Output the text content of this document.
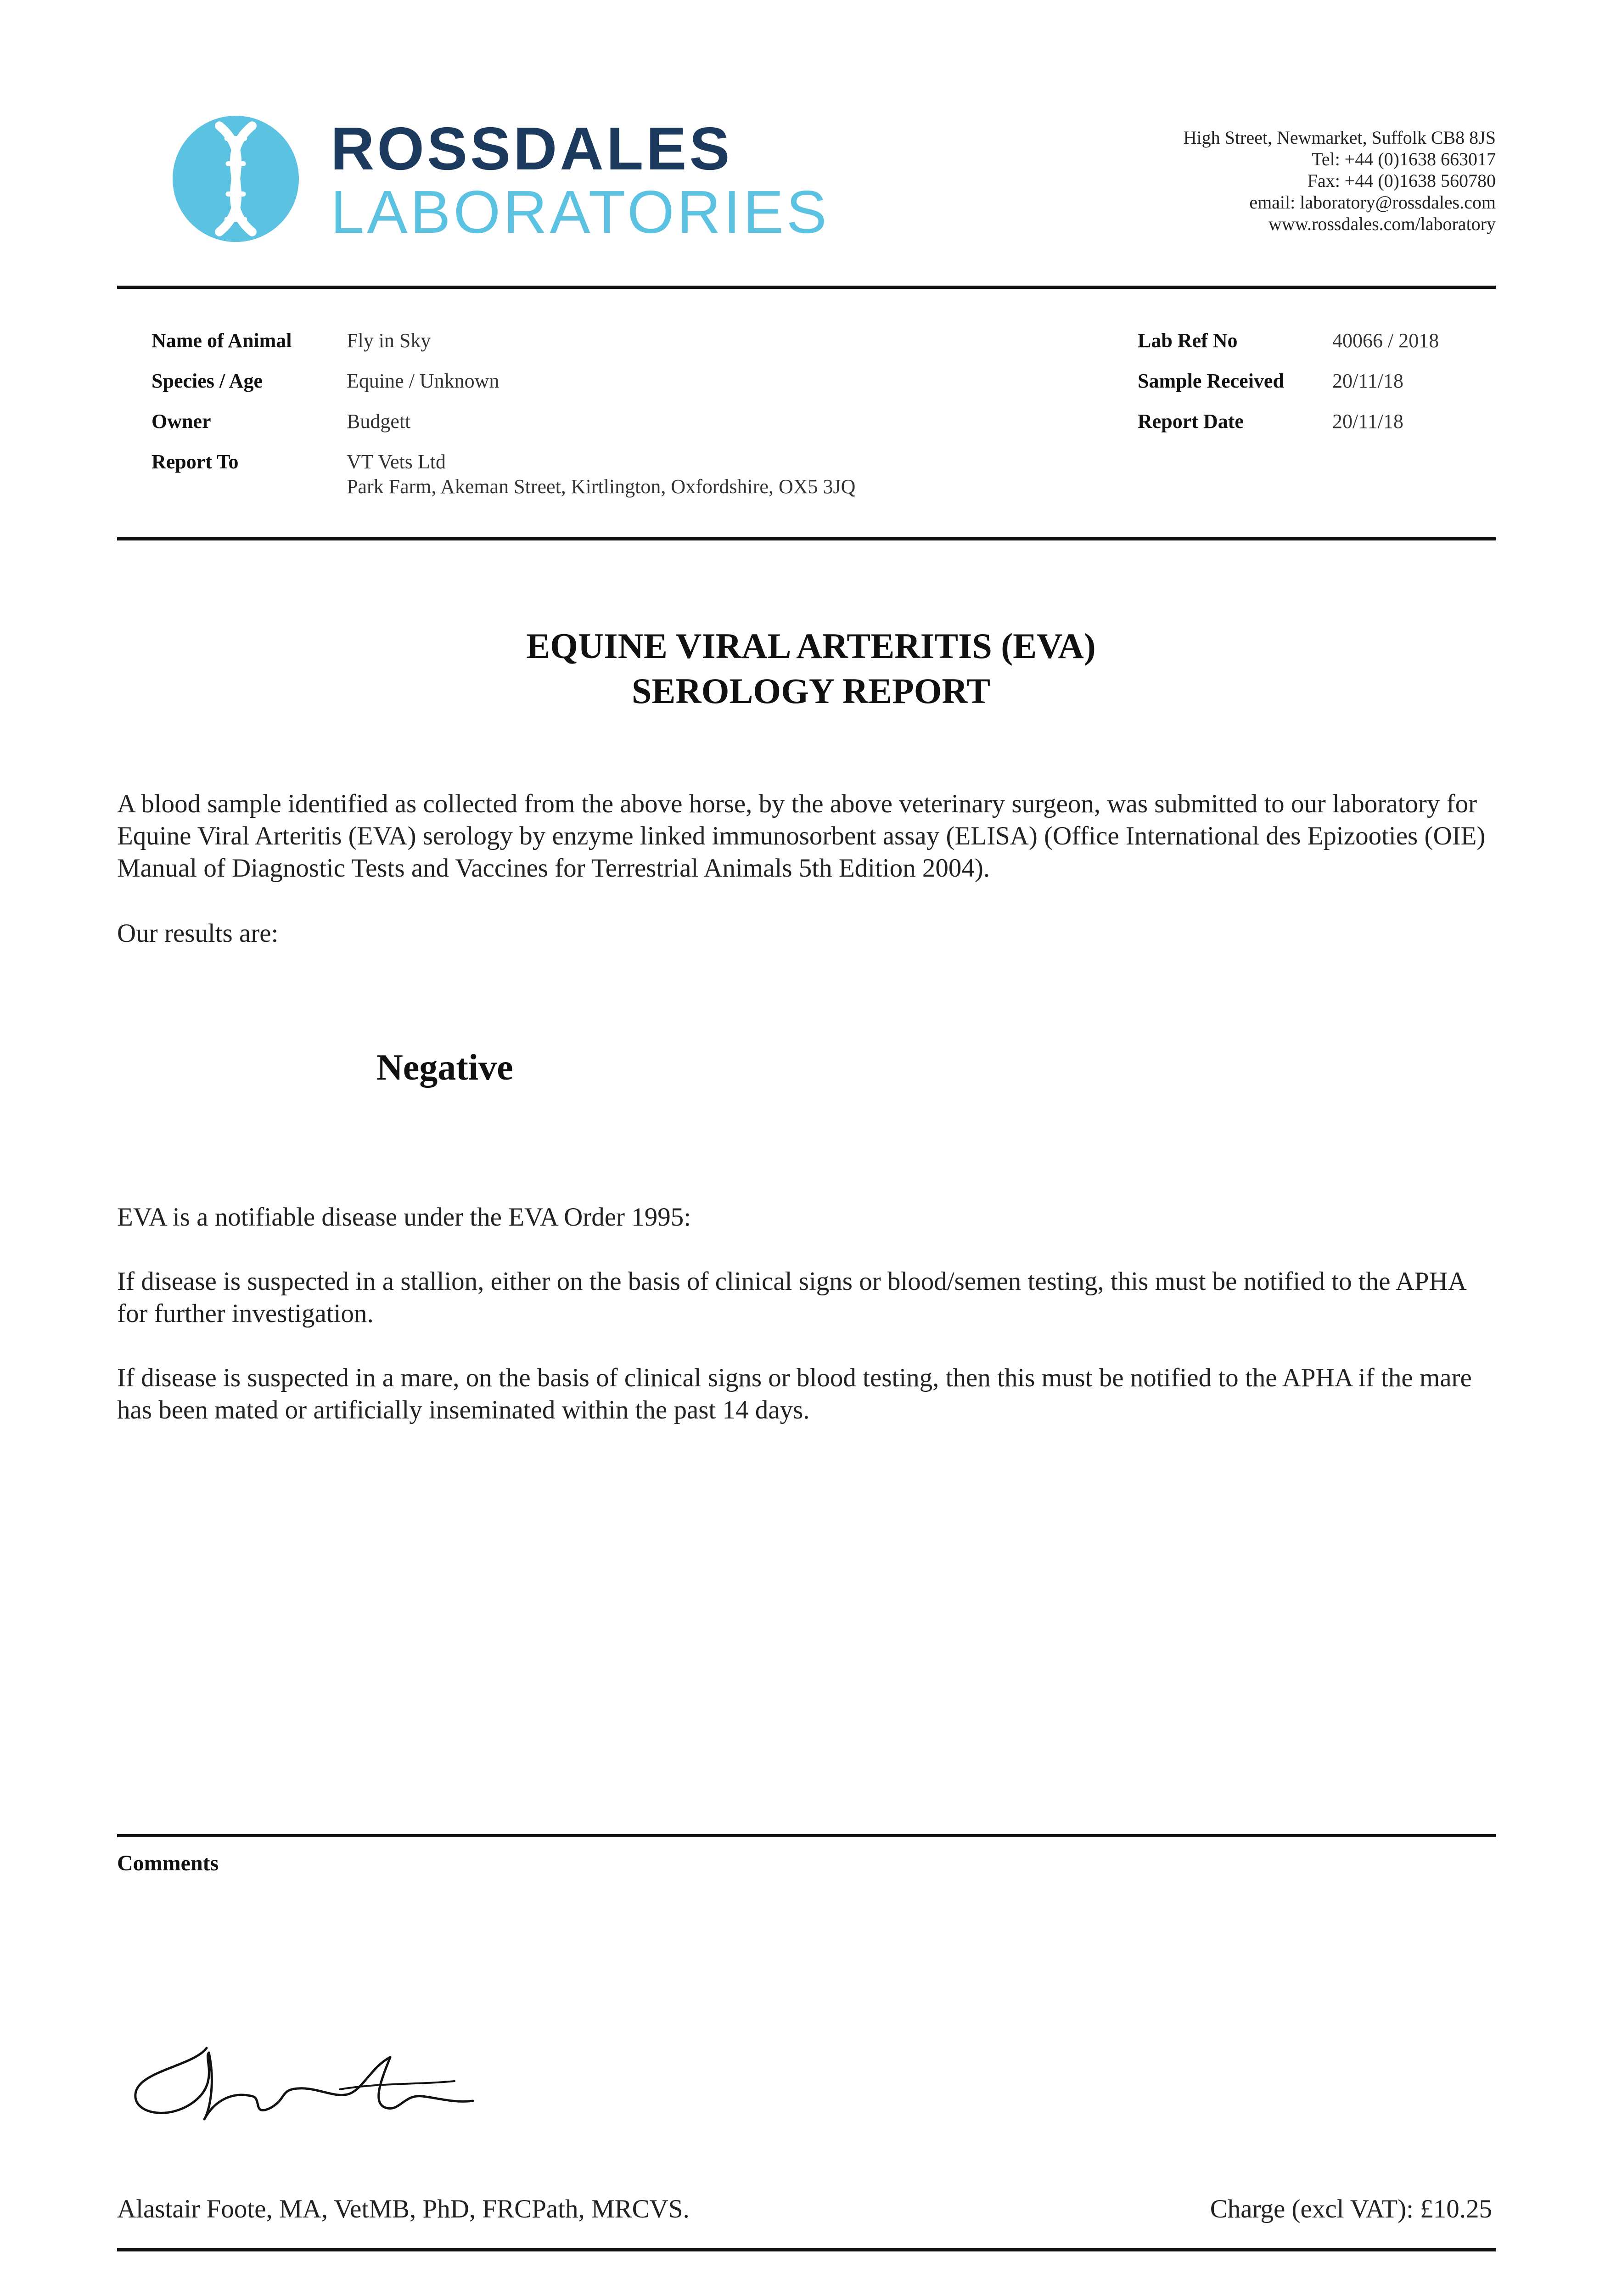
ROSSDALES
LABORATORIES
High Street, Newmarket, Suffolk CB8 8JS
Tel: +44 (0)1638 663017
Fax: +44 (0)1638 560780
email: laboratory@rossdales.com
www.rossdales.com/laboratory
Name of Animal	Fly in Sky
Species / Age	Equine / Unknown
Owner	Budgett
Report To	VT Vets Ltd
Park Farm, Akeman Street, Kirtlington, Oxfordshire, OX5 3JQ
Lab Ref No	40066 / 2018
Sample Received 20/11/18
Report Date	20/11/18
EQUINE VIRAL ARTERITIS (EVA)
SEROLOGY REPORT
A blood sample identified as collected from the above horse, by the above veterinary surgeon, was submitted to our laboratory for Equine Viral Arteritis (EVA) serology by enzyme linked immunosorbent assay (ELISA) (Office International des Epizooties (OIE) Manual of Diagnostic Tests and Vaccines for Terrestrial Animals 5th Edition 2004).
Our results are:
Negative
EVA is a notifiable disease under the EVA Order 1995:
If disease is suspected in a stallion, either on the basis of clinical signs or blood/semen testing, this must be notified to the APHA for further investigation.
If disease is suspected in a mare, on the basis of clinical signs or blood testing, then this must be notified to the APHA if the mare has been mated or artificially inseminated within the past 14 days.
Comments
Alastair Foote, MA, VetMB, PhD, FRCPath, MRCVS.	Charge (excl VAT): £10.25
